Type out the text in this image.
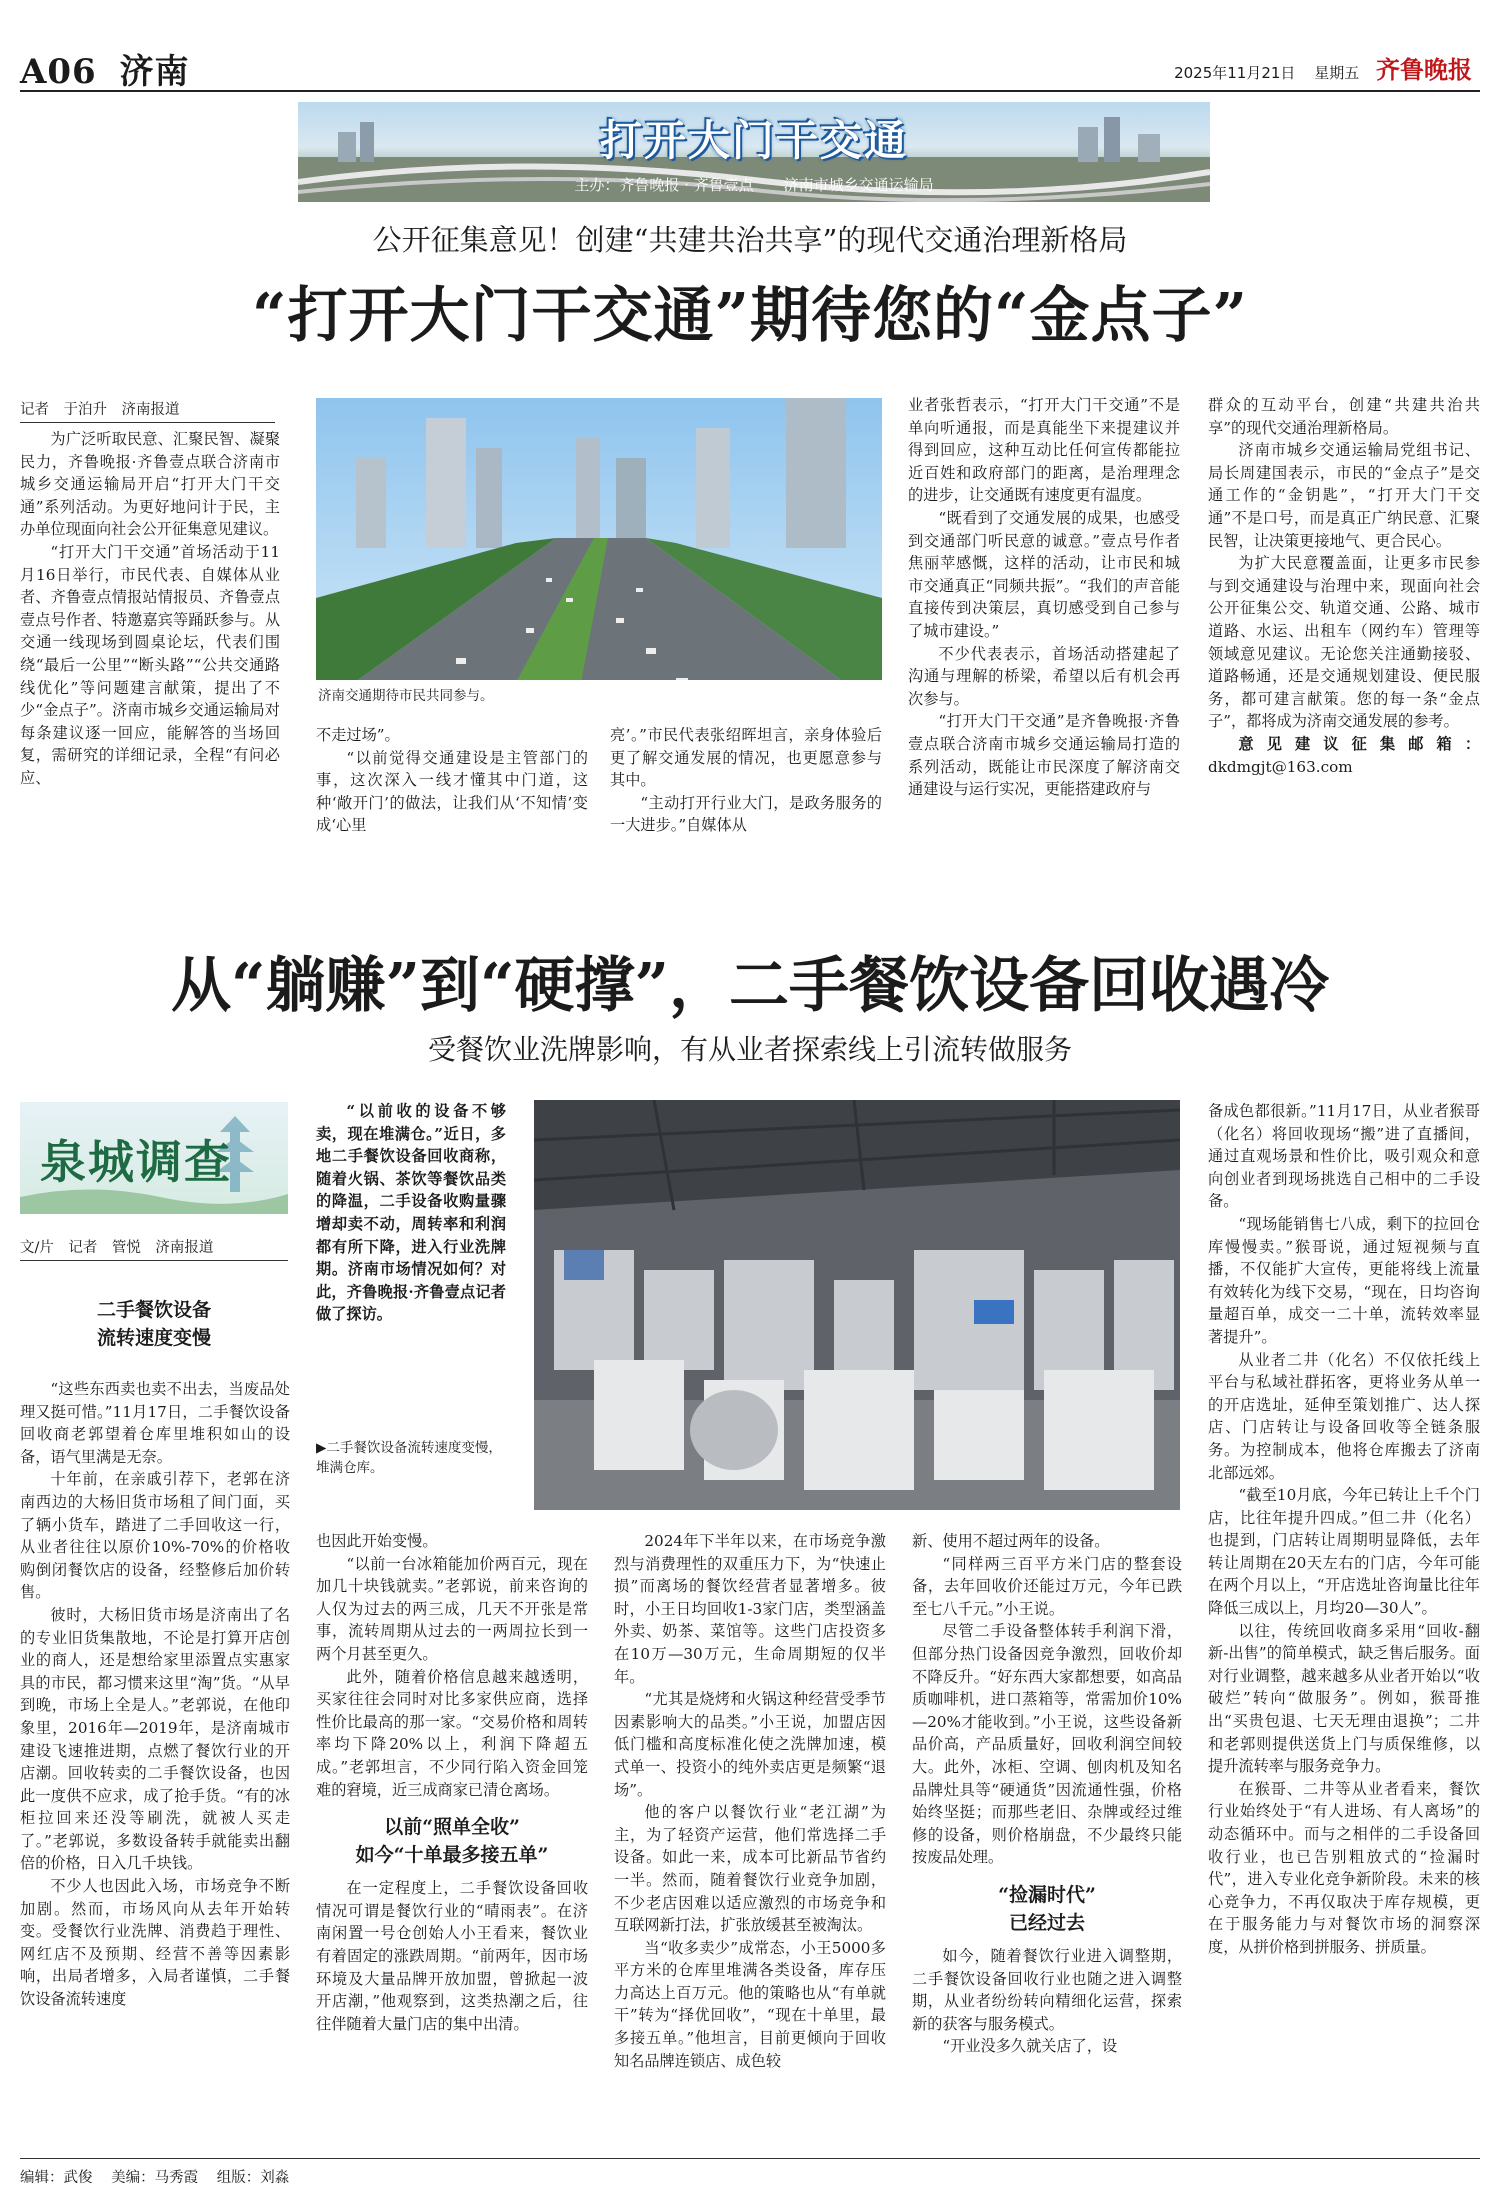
A06 济南	2025年11月21日 星期五 齐鲁晚报
打开大门干交通
主办：齐鲁晚报 · 齐鲁壹点　　济南市城乡交通运输局
公开征集意见！创建“共建共治共享”的现代交通治理新格局
“打开大门干交通”期待您的“金点子”
记者　于泊升　济南报道

为广泛听取民意、汇聚民智、凝聚民力，齐鲁晚报·齐鲁壹点联合济南市城乡交通运输局开启“打开大门干交通”系列活动。为更好地问计于民，主办单位现面向社会公开征集意见建议。

“打开大门干交通”首场活动于11月16日举行，市民代表、自媒体从业者、齐鲁壹点情报站情报员、齐鲁壹点壹点号作者、特邀嘉宾等踊跃参与。从交通一线现场到圆桌论坛，代表们围绕“最后一公里”“断头路”“公共交通路线优化”等问题建言献策，提出了不少“金点子”。济南市城乡交通运输局对每条建议逐一回应，能解答的当场回复，需研究的详细记录，全程“有问必应、

济南交通期待市民共同参与。

不走过场”。

“以前觉得交通建设是主管部门的事，这次深入一线才懂其中门道，这种‘敞开门’的做法，让我们从‘不知情’变成‘心里

亮’。”市民代表张绍晖坦言，亲身体验后更了解交通发展的情况，也更愿意参与其中。

“主动打开行业大门，是政务服务的一大进步。”自媒体从

业者张哲表示，“打开大门干交通”不是单向听通报，而是真能坐下来提建议并得到回应，这种互动比任何宣传都能拉近百姓和政府部门的距离，是治理理念的进步，让交通既有速度更有温度。

“既看到了交通发展的成果，也感受到交通部门听民意的诚意。”壹点号作者焦丽苹感慨，这样的活动，让市民和城市交通真正“同频共振”。“我们的声音能直接传到决策层，真切感受到自己参与了城市建设。”

不少代表表示，首场活动搭建起了沟通与理解的桥梁，希望以后有机会再次参与。

“打开大门干交通”是齐鲁晚报·齐鲁壹点联合济南市城乡交通运输局打造的系列活动，既能让市民深度了解济南交通建设与运行实况，更能搭建政府与

群众的互动平台，创建“共建共治共享”的现代交通治理新格局。

济南市城乡交通运输局党组书记、局长周建国表示，市民的“金点子”是交通工作的“金钥匙”，“打开大门干交通”不是口号，而是真正广纳民意、汇聚民智，让决策更接地气、更合民心。

为扩大民意覆盖面，让更多市民参与到交通建设与治理中来，现面向社会公开征集公交、轨道交通、公路、城市道路、水运、出租车（网约车）管理等领域意见建议。无论您关注通勤接驳、道路畅通，还是交通规划建设、便民服务，都可建言献策。您的每一条“金点子”，都将成为济南交通发展的参考。

意见建议征集邮箱：dkdmgjt@163.com

从“躺赚”到“硬撑”，二手餐饮设备回收遇冷
受餐饮业洗牌影响，有从业者探索线上引流转做服务
泉城调查
文/片　记者　管悦　济南报道
二手餐饮设备
流转速度变慢

“这些东西卖也卖不出去，当废品处理又挺可惜。”11月17日，二手餐饮设备回收商老郭望着仓库里堆积如山的设备，语气里满是无奈。

十年前，在亲戚引荐下，老郭在济南西边的大杨旧货市场租了间门面，买了辆小货车，踏进了二手回收这一行，从业者往往以原价10%-70%的价格收购倒闭餐饮店的设备，经整修后加价转售。

彼时，大杨旧货市场是济南出了名的专业旧货集散地，不论是打算开店创业的商人，还是想给家里添置点实惠家具的市民，都习惯来这里“淘”货。“从早到晚，市场上全是人。”老郭说，在他印象里，2016年—2019年，是济南城市建设飞速推进期，点燃了餐饮行业的开店潮。回收转卖的二手餐饮设备，也因此一度供不应求，成了抢手货。“有的冰柜拉回来还没等刷洗，就被人买走了。”老郭说，多数设备转手就能卖出翻倍的价格，日入几千块钱。

不少人也因此入场，市场竞争不断加剧。然而，市场风向从去年开始转变。受餐饮行业洗牌、消费趋于理性、网红店不及预期、经营不善等因素影响，出局者增多，入局者谨慎，二手餐饮设备流转速度

“以前收的设备不够卖，现在堆满仓。”近日，多地二手餐饮设备回收商称，随着火锅、茶饮等餐饮品类的降温，二手设备收购量骤增却卖不动，周转率和利润都有所下降，进入行业洗牌期。济南市场情况如何？对此，齐鲁晚报·齐鲁壹点记者做了探访。

▶二手餐饮设备流转速度变慢，堆满仓库。

也因此开始变慢。

“以前一台冰箱能加价两百元，现在加几十块钱就卖。”老郭说，前来咨询的人仅为过去的两三成，几天不开张是常事，流转周期从过去的一两周拉长到一两个月甚至更久。

此外，随着价格信息越来越透明，买家往往会同时对比多家供应商，选择性价比最高的那一家。“交易价格和周转率均下降20%以上，利润下降超五成。”老郭坦言，不少同行陷入资金回笼难的窘境，近三成商家已清仓离场。

以前“照单全收”
如今“十单最多接五单”

在一定程度上，二手餐饮设备回收情况可谓是餐饮行业的“晴雨表”。在济南闲置一号仓创始人小王看来，餐饮业有着固定的涨跌周期。“前两年，因市场环境及大量品牌开放加盟，曾掀起一波开店潮，”他观察到，这类热潮之后，往往伴随着大量门店的集中出清。

2024年下半年以来，在市场竞争激烈与消费理性的双重压力下，为“快速止损”而离场的餐饮经营者显著增多。彼时，小王日均回收1-3家门店，类型涵盖外卖、奶茶、菜馆等。这些门店投资多在10万—30万元，生命周期短的仅半年。

“尤其是烧烤和火锅这种经营受季节因素影响大的品类。”小王说，加盟店因低门槛和高度标准化使之洗牌加速，模式单一、投资小的纯外卖店更是频繁“退场”。

他的客户以餐饮行业“老江湖”为主，为了轻资产运营，他们常选择二手设备。如此一来，成本可比新品节省约一半。然而，随着餐饮行业竞争加剧，不少老店因难以适应激烈的市场竞争和互联网新打法，扩张放缓甚至被淘汰。

当“收多卖少”成常态，小王5000多平方米的仓库里堆满各类设备，库存压力高达上百万元。他的策略也从“有单就干”转为“择优回收”，“现在十单里，最多接五单。”他坦言，目前更倾向于回收知名品牌连锁店、成色较

新、使用不超过两年的设备。

“同样两三百平方米门店的整套设备，去年回收价还能过万元，今年已跌至七八千元。”小王说。

尽管二手设备整体转手利润下滑，但部分热门设备因竞争激烈，回收价却不降反升。“好东西大家都想要，如高品质咖啡机，进口蒸箱等，常需加价10%—20%才能收到。”小王说，这些设备新品价高，产品质量好，回收利润空间较大。此外，冰柜、空调、刨肉机及知名品牌灶具等“硬通货”因流通性强，价格始终坚挺；而那些老旧、杂牌或经过维修的设备，则价格崩盘，不少最终只能按废品处理。

“捡漏时代”
已经过去

如今，随着餐饮行业进入调整期，二手餐饮设备回收行业也随之进入调整期，从业者纷纷转向精细化运营，探索新的获客与服务模式。

“开业没多久就关店了，设

备成色都很新。”11月17日，从业者猴哥（化名）将回收现场“搬”进了直播间，通过直观场景和性价比，吸引观众和意向创业者到现场挑选自己相中的二手设备。

“现场能销售七八成，剩下的拉回仓库慢慢卖。”猴哥说，通过短视频与直播，不仅能扩大宣传，更能将线上流量有效转化为线下交易，“现在，日均咨询量超百单，成交一二十单，流转效率显著提升”。

从业者二井（化名）不仅依托线上平台与私域社群拓客，更将业务从单一的开店选址，延伸至策划推广、达人探店、门店转让与设备回收等全链条服务。为控制成本，他将仓库搬去了济南北部远郊。

“截至10月底，今年已转让上千个门店，比往年提升四成。”但二井（化名）也提到，门店转让周期明显降低，去年转让周期在20天左右的门店，今年可能在两个月以上，“开店选址咨询量比往年降低三成以上，月均20—30人”。

以往，传统回收商多采用“回收-翻新-出售”的简单模式，缺乏售后服务。面对行业调整，越来越多从业者开始以“收破烂”转向“做服务”。例如，猴哥推出“买贵包退、七天无理由退换”；二井和老郭则提供送货上门与质保维修，以提升流转率与服务竞争力。

在猴哥、二井等从业者看来，餐饮行业始终处于“有人进场、有人离场”的动态循环中。而与之相伴的二手设备回收行业，也已告别粗放式的“捡漏时代”，进入专业化竞争新阶段。未来的核心竞争力，不再仅取决于库存规模，更在于服务能力与对餐饮市场的洞察深度，从拼价格到拼服务、拼质量。

编辑：武俊 美编：马秀霞 组版：刘淼
